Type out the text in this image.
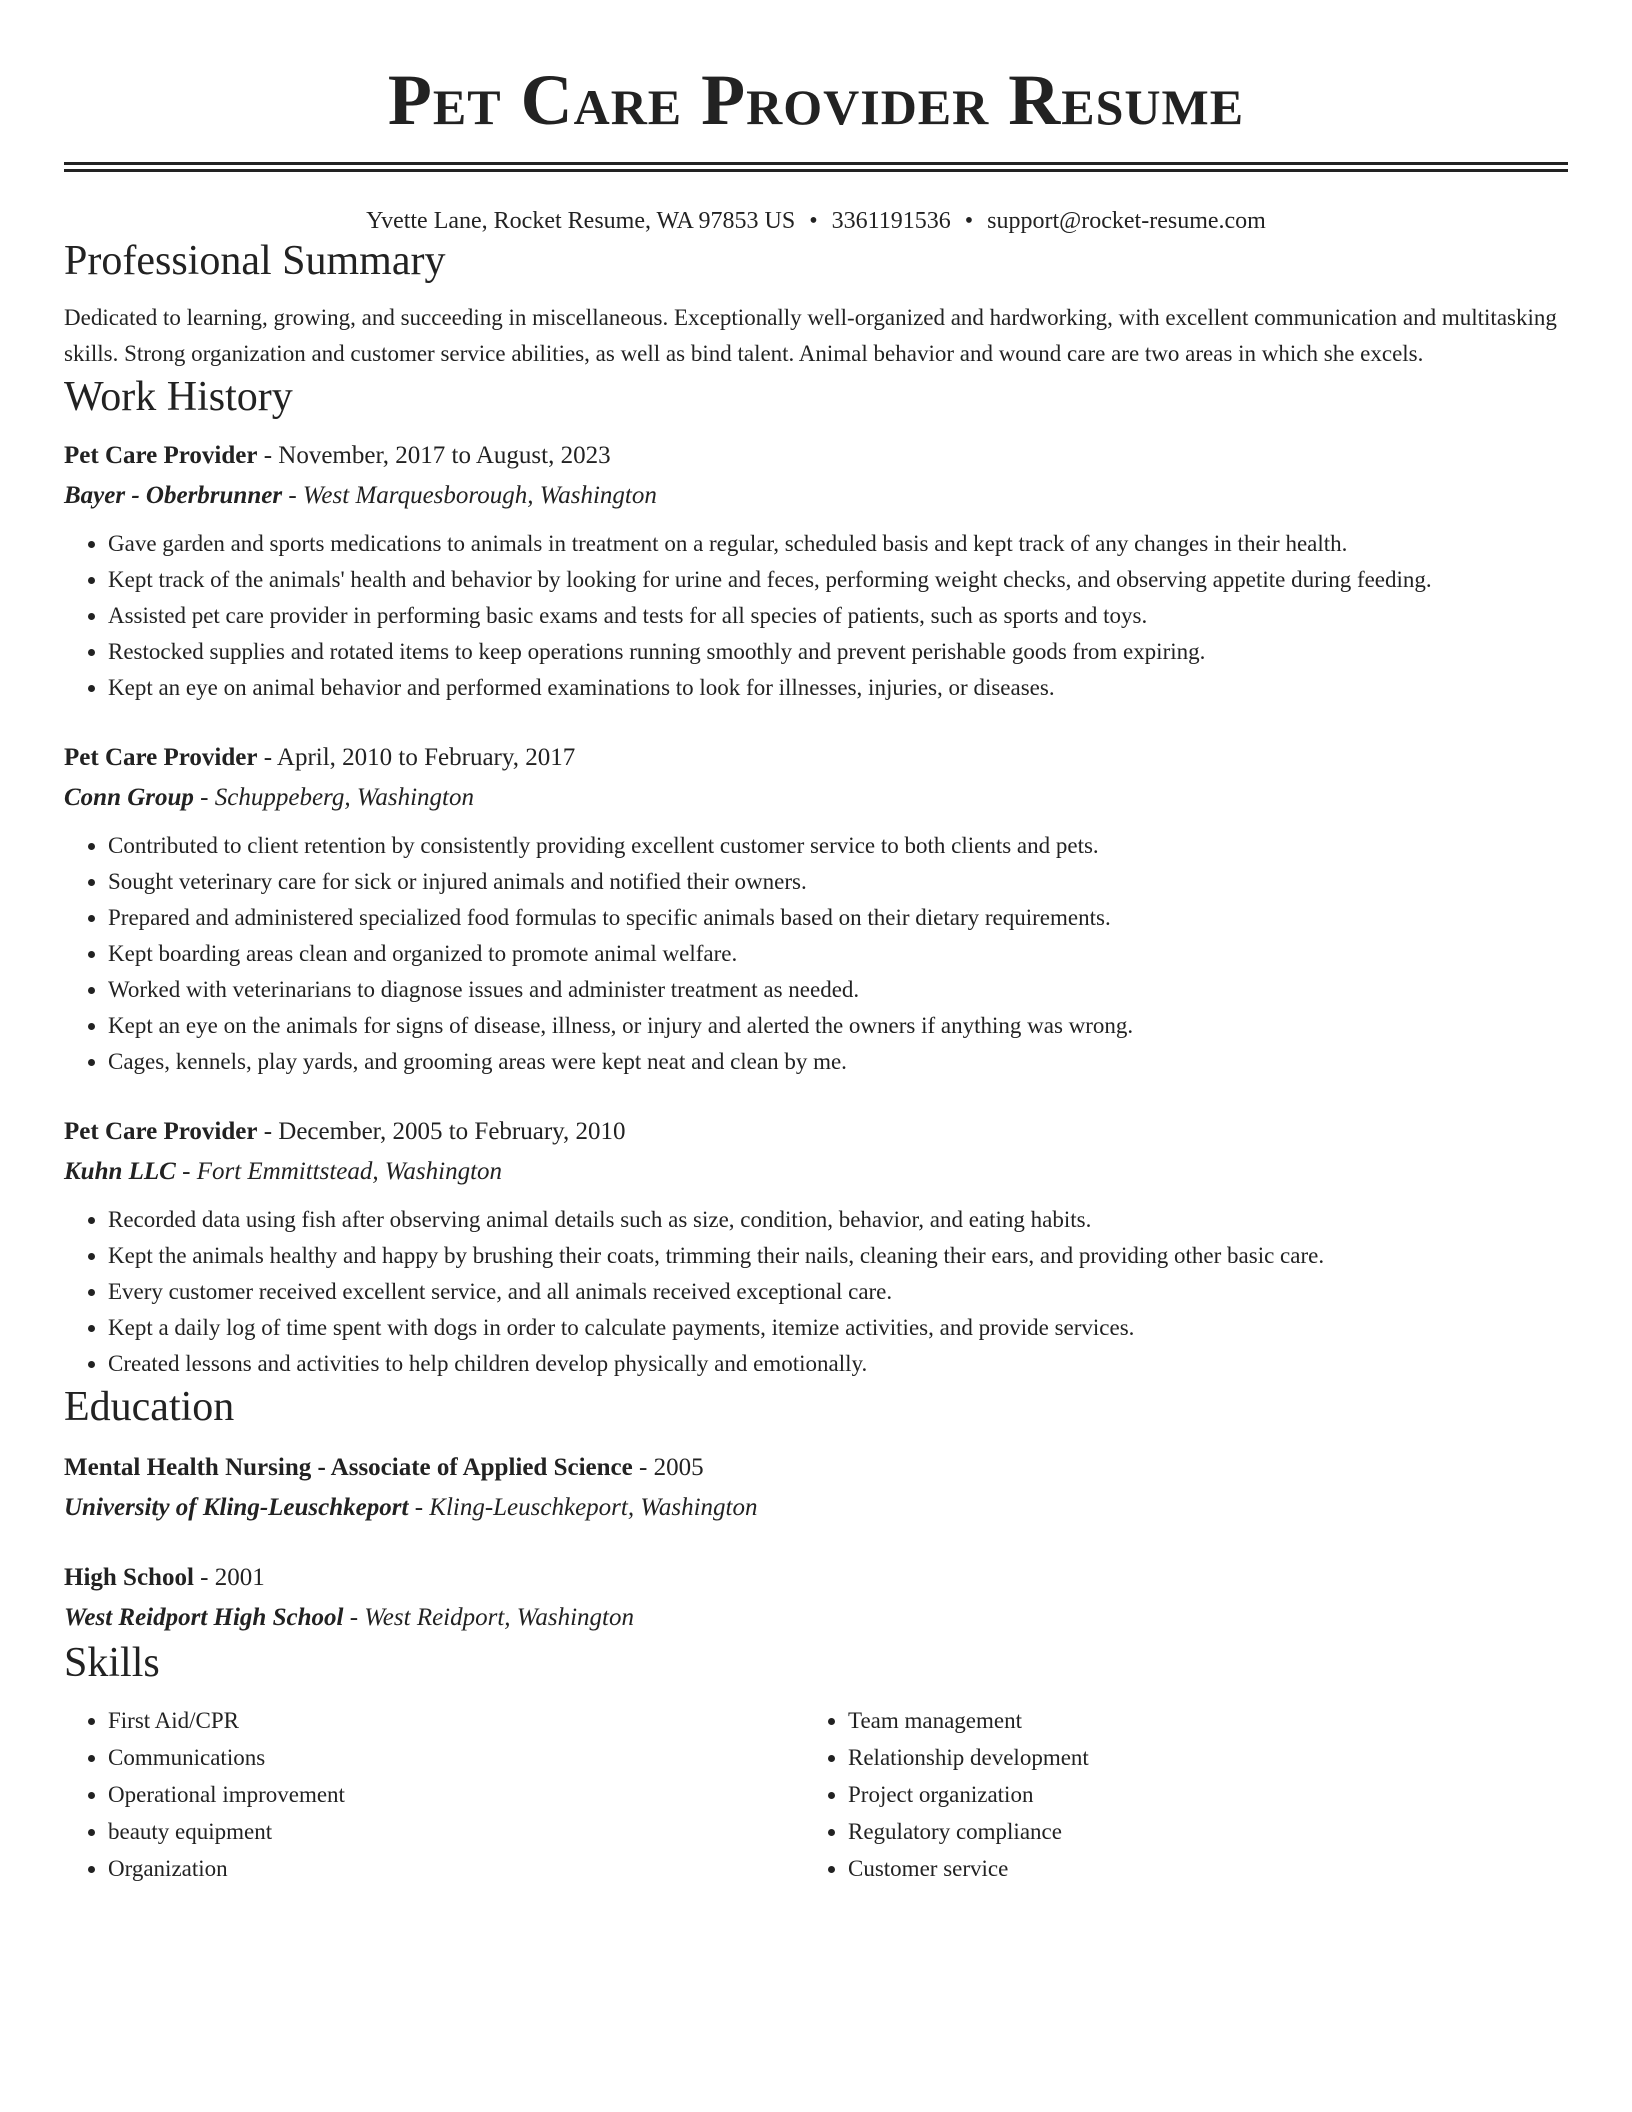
Pet Care Provider Resume
Yvette Lane, Rocket Resume, WA 97853 US • 3361191536 • support@rocket-resume.com
Professional Summary
Dedicated to learning, growing, and succeeding in miscellaneous. Exceptionally well-organized and hardworking, with excellent communication and multitasking skills. Strong organization and customer service abilities, as well as bind talent. Animal behavior and wound care are two areas in which she excels.
Work History
Pet Care Provider - November, 2017 to August, 2023
Bayer - Oberbrunner - West Marquesborough, Washington
• Gave garden and sports medications to animals in treatment on a regular, scheduled basis and kept track of any changes in their health.
• Kept track of the animals' health and behavior by looking for urine and feces, performing weight checks, and observing appetite during feeding.
• Assisted pet care provider in performing basic exams and tests for all species of patients, such as sports and toys.
• Restocked supplies and rotated items to keep operations running smoothly and prevent perishable goods from expiring.
• Kept an eye on animal behavior and performed examinations to look for illnesses, injuries, or diseases.
Pet Care Provider - April, 2010 to February, 2017
Conn Group - Schuppeberg, Washington
• Contributed to client retention by consistently providing excellent customer service to both clients and pets.
• Sought veterinary care for sick or injured animals and notified their owners.
• Prepared and administered specialized food formulas to specific animals based on their dietary requirements.
• Kept boarding areas clean and organized to promote animal welfare.
• Worked with veterinarians to diagnose issues and administer treatment as needed.
• Kept an eye on the animals for signs of disease, illness, or injury and alerted the owners if anything was wrong.
• Cages, kennels, play yards, and grooming areas were kept neat and clean by me.
Pet Care Provider - December, 2005 to February, 2010
Kuhn LLC - Fort Emmittstead, Washington
• Recorded data using fish after observing animal details such as size, condition, behavior, and eating habits.
• Kept the animals healthy and happy by brushing their coats, trimming their nails, cleaning their ears, and providing other basic care.
• Every customer received excellent service, and all animals received exceptional care.
• Kept a daily log of time spent with dogs in order to calculate payments, itemize activities, and provide services.
• Created lessons and activities to help children develop physically and emotionally.
Education
Mental Health Nursing - Associate of Applied Science - 2005
University of Kling-Leuschkeport - Kling-Leuschkeport, Washington
High School - 2001
West Reidport High School - West Reidport, Washington
Skills
• First Aid/CPR
• Communications
• Operational improvement
• beauty equipment
• Organization
• Team management
• Relationship development
• Project organization
• Regulatory compliance
• Customer service
